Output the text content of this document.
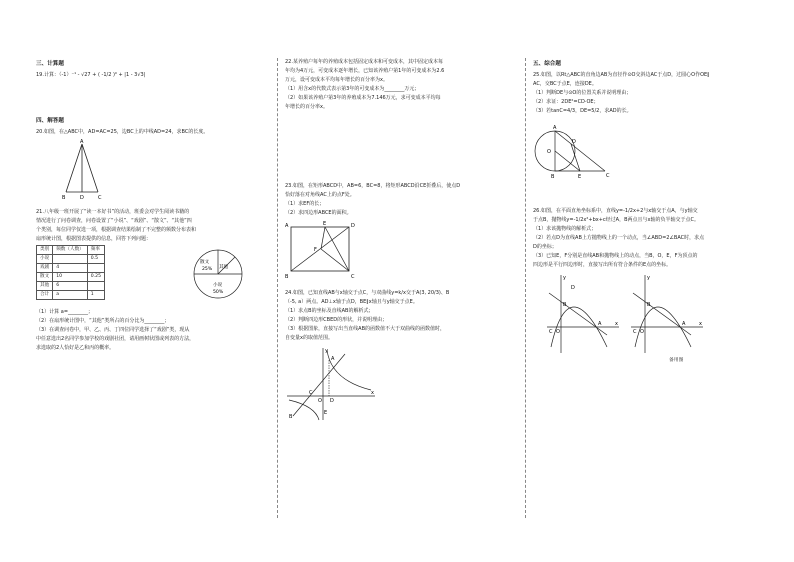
三、计算题
19.计算：（-1）⁻¹ - √27 + ( -1/2 )⁰ + |1 - 3√3|
四、解答题
20.如图，在△ABC中，AD=AC=25，边BC上的中线AD=24，求BC的长度。
A
B	D	C

21.八年级一班开展了“读一本好书”的活动，班委会对学生阅读书籍的

情况进行了问卷调查，问卷设置了“小说”、“戏剧”、“散文”、“其他”四

个类别，每位同学仅选一项，根据调查结果绘制了不完整的频数分布表和

扇形统计图，根据图表提供的信息，回答下列问题：

类别	频数（人数）	频率
小说		0.5
戏剧	4	
散文	10	0.25
其他	6	
合计	a	1
散文
25% 其他
小说
50%

（1）计算 a=________；

（2）在扇形统计图中，“其他”类所占的百分比为________；

（3）在调查问卷中，甲、乙、丙、丁四位同学选择了“戏剧”类，现从

中任意选出2名同学参加学校的戏剧社团，请用画树状图或列表的方法，

求选取的2人恰好是乙和丙的概率。

22.某养殖户每年的养殖成本包括固定成本和可变成本，其中固定成本每

年均为4万元，可变成本逐年增长，已知该养殖户第1年的可变成本为2.6

万元，设可变成本平均每年增长的百分率为x。

（1）用含x的代数式表示第3年的可变成本为________万元；

（2）如果该养殖户第3年的养殖成本为7.146万元，求可变成本平均每

年增长的百分率x。

23.如图，在矩形ABCD中，AB=6，BC=8，将矩形ABCD沿CE折叠后，使点D

恰好落在对角线AC上的点F处。

（1）求EF的长；

（2）求四边形ABCE的面积。

A	D
B	C
E
F

24.如图，已知直线AB与x轴交于点C，与双曲线y=k/x交于A(3, 20/3)、B

（-5, a）两点。AD⊥x轴于点D，BE∥x轴且与y轴交于点E。

（1）求点B的坐标及直线AB的解析式；

（2）判断四边形CBED的形状，并说明理由；

（3）根据图象，直接写出当直线AB的函数值不大于双曲线的函数值时，

自变量x的取值范围。

y
x
O
A
B
C
D
E
五、综合题

25.如图，以Rt△ABC的直角边AB为直径作⊙O交斜边AC于点D，过圆心O作OE∥

AC，交BC于点E，连接DE。

（1）判断DE与⊙O的位置关系并说明理由；

（2）求证：2DE²=CD·OE；

（3）若tanC=4/3，DE=5/2，求AD的长。

A
O
D
B	E	C

26.如图，在平面直角坐标系中，直线y=-1/2x+2与x轴交于点A，与y轴交

于点B，抛物线y=-1/2x²+bx+c经过A，B两点且与x轴的负半轴交于点C。

（1）求该抛物线的解析式；

（2）若点D为直线AB上方抛物线上的一个动点，当∠ABD=2∠BAC时，求点

D的坐标；

（3）已知E，F分别是直线AB和抛物线上的动点，当B，O，E，F为顶点的

四边形是平行四边形时，直接写出所有符合条件的E点的坐标。

y
x
O
A
B
C
D
y
x
O
A
B
C
备用图
